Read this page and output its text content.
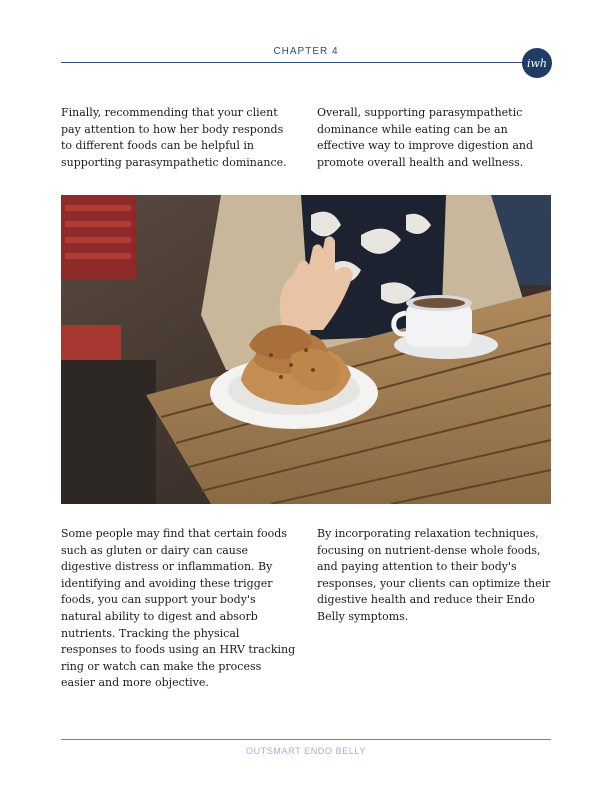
CHAPTER 4
iwh

Finally, recommending that your client pay attention to how her body responds to different foods can be helpful in supporting parasympathetic dominance.

Overall, supporting parasympathetic dominance while eating can be an effective way to improve digestion and promote overall health and wellness.

Some people may find that certain foods such as gluten or dairy can cause digestive distress or inflammation. By identifying and avoiding these trigger foods, you can support your body's natural ability to digest and absorb nutrients. Tracking the physical responses to foods using an HRV tracking ring or watch can make the process easier and more objective.

By incorporating relaxation techniques, focusing on nutrient-dense whole foods, and paying attention to their body's responses, your clients can optimize their digestive health and reduce their Endo Belly symptoms.

OUTSMART ENDO BELLY
